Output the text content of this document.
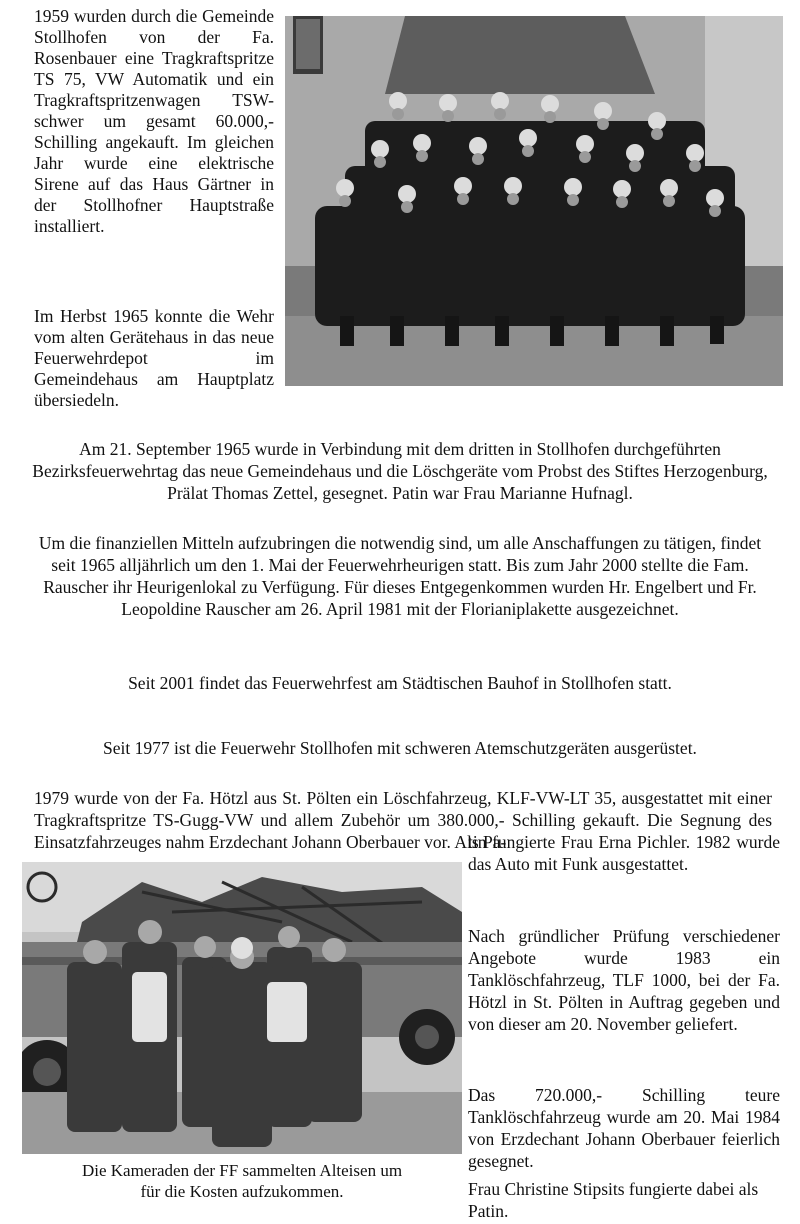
1959 wurden durch die Gemeinde Stollhofen von der Fa. Rosenbauer eine Tragkraftspritze TS 75, VW Automatik und ein Tragkraftspritzenwagen TSW-schwer um gesamt 60.000,- Schilling angekauft. Im gleichen Jahr wurde eine elektrische Sirene auf das Haus Gärtner in der Stollhofner Hauptstraße installiert.
Im Herbst 1965 konnte die Wehr vom alten Gerätehaus in das neue Feuerwehrdepot im Gemeindehaus am Hauptplatz übersiedeln.
Am 21. September 1965 wurde in Verbindung mit dem dritten in Stollhofen durchgeführten Bezirksfeuerwehrtag das neue Gemeindehaus und die Löschgeräte vom Probst des Stiftes Herzogenburg, Prälat Thomas Zettel, gesegnet. Patin war Frau Marianne Hufnagl.
Um die finanziellen Mitteln aufzubringen die notwendig sind, um alle Anschaffungen zu tätigen, findet seit 1965 alljährlich um den 1. Mai der Feuerwehrheurigen statt. Bis zum Jahr 2000 stellte die Fam. Rauscher ihr Heurigenlokal zu Verfügung. Für dieses Entgegenkommen wurden Hr. Engelbert und Fr. Leopoldine Rauscher am 26. April 1981 mit der Florianiplakette ausgezeichnet.
Seit 2001 findet das Feuerwehrfest am Städtischen Bauhof in Stollhofen statt.
Seit 1977 ist die Feuerwehr Stollhofen mit schweren Atemschutzgeräten ausgerüstet.
1979 wurde von der Fa. Hötzl aus St. Pölten ein Löschfahrzeug, KLF-VW-LT 35, ausgestattet mit einer Tragkraftspritze TS-Gugg-VW und allem Zubehör um 380.000,- Schilling gekauft. Die Segnung des Einsatzfahrzeuges nahm Erzdechant Johann Oberbauer vor. Als Pa-
Die Kameraden der FF sammelten Alteisen um
für die Kosten aufzukommen.
tin fungierte Frau Erna Pichler. 1982 wurde das Auto mit Funk ausgestattet.
Nach gründlicher Prüfung verschiedener Angebote wurde 1983 ein Tanklöschfahrzeug, TLF 1000, bei der Fa. Hötzl in St. Pölten in Auftrag gegeben und von dieser am 20. November geliefert.
Das 720.000,- Schilling teure Tanklöschfahrzeug wurde am 20. Mai 1984 von Erzdechant Johann Oberbauer feierlich gesegnet.
Frau Christine Stipsits fungierte dabei als Patin.
